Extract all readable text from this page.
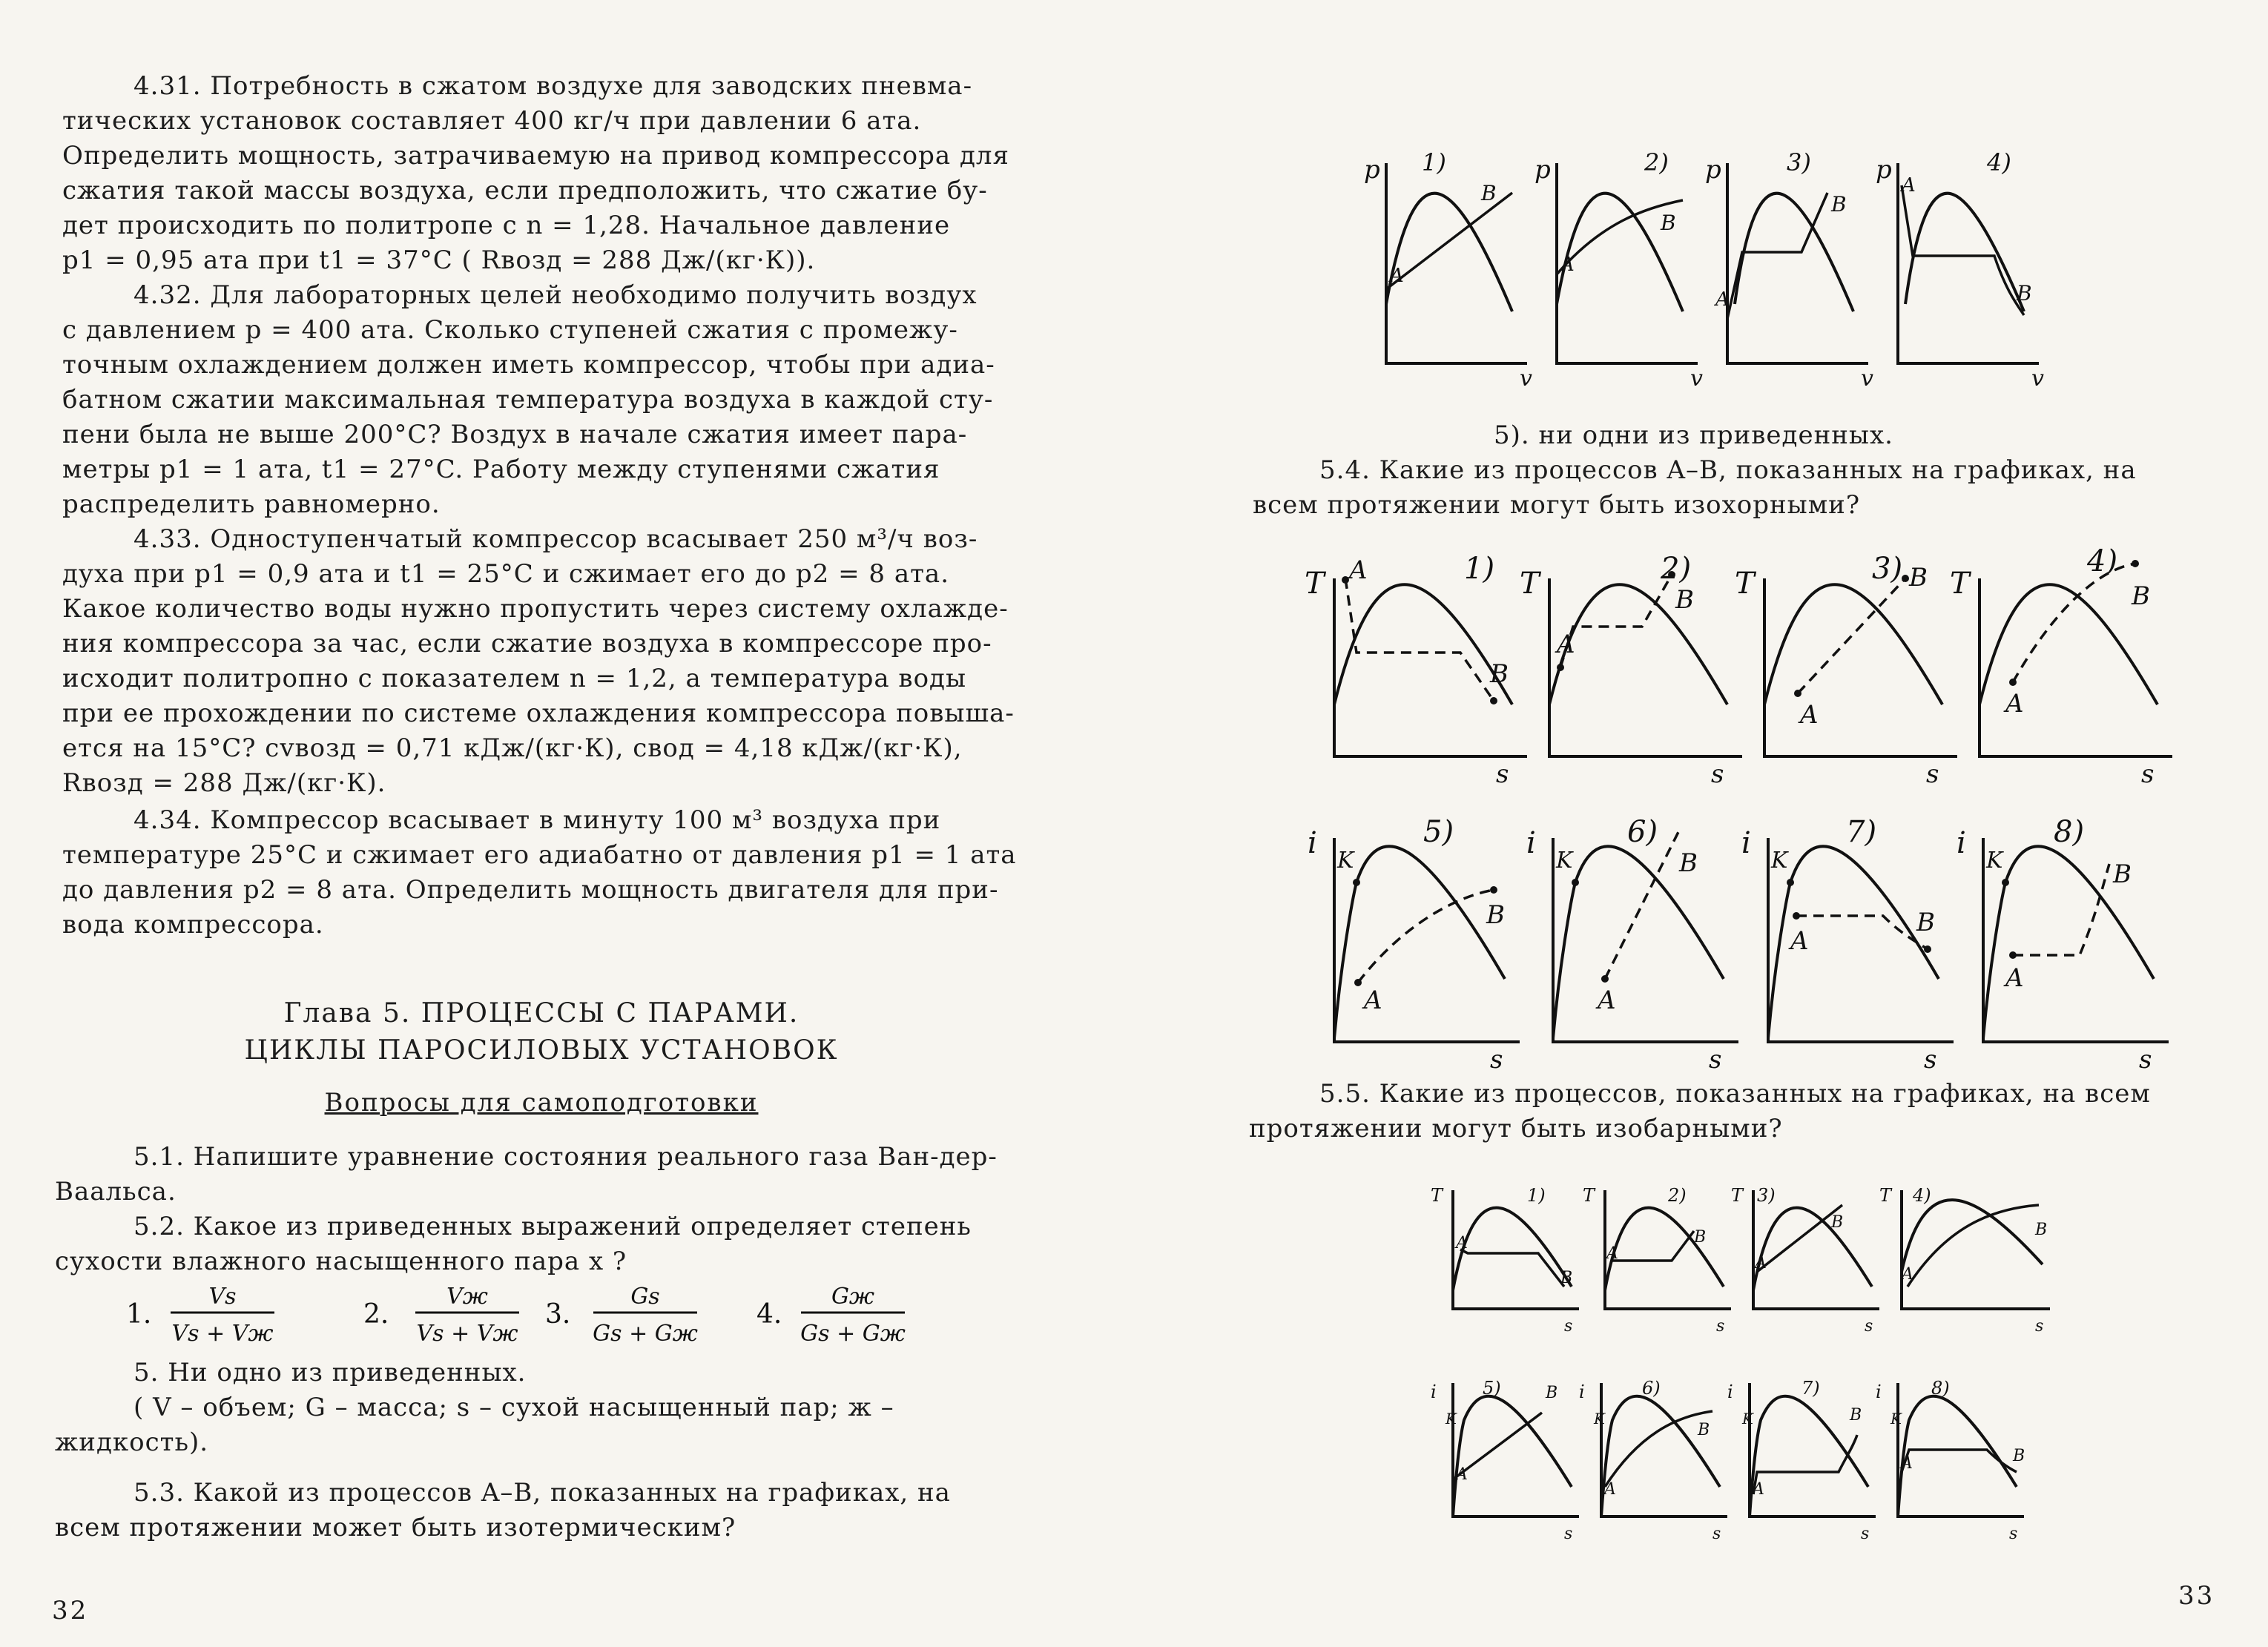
4.31. Потребность в сжатом воздухе для заводских пневма-
тических установок составляет 400 кг/ч при давлении 6 ата.
Определить мощность, затрачиваемую на привод компрессора для
сжатия такой массы воздуха, если предположить, что сжатие бу-
дет происходить по политропе с n = 1,28. Начальное давление
p1 = 0,95 ата при t1 = 37°C ( Rвозд = 288 Дж/(кг·К)).
4.32. Для лабораторных целей необходимо получить воздух
с давлением p = 400 ата. Сколько ступеней сжатия с промежу-
точным охлаждением должен иметь компрессор, чтобы при адиа-
батном сжатии максимальная температура воздуха в каждой сту-
пени была не выше 200°C? Воздух в начале сжатия имеет пара-
метры p1 = 1 ата, t1 = 27°C. Работу между ступенями сжатия
распределить равномерно.
4.33. Одноступенчатый компрессор всасывает 250 м³/ч воз-
духа при p1 = 0,9 ата и t1 = 25°C и сжимает его до p2 = 8 ата.
Какое количество воды нужно пропустить через систему охлажде-
ния компрессора за час, если сжатие воздуха в компрессоре про-
исходит политропно с показателем n = 1,2, а температура воды
при ее прохождении по системе охлаждения компрессора повыша-
ется на 15°C? cvвозд = 0,71 кДж/(кг·К), cвод = 4,18 кДж/(кг·К),
Rвозд = 288 Дж/(кг·К).
4.34. Компрессор всасывает в минуту 100 м³ воздуха при
температуре 25°C и сжимает его адиабатно от давления p1 = 1 ата
до давления p2 = 8 ата. Определить мощность двигателя для при-
вода компрессора.
Глава 5. ПРОЦЕССЫ С ПАРАМИ.
ЦИКЛЫ ПАРОСИЛОВЫХ УСТАНОВОК
Вопросы для самоподготовки
5.1. Напишите уравнение состояния реального газа Ван-дер-
Ваальса.
5.2. Какое из приведенных выражений определяет степень
сухости влажного насыщенного пара x ?
1.
Vs
Vs + Vж
2.
Vж
Vs + Vж
3.
Gs
Gs + Gж
4.
Gж
Gs + Gж
5. Ни одно из приведенных.
( V – объем; G – масса; s – сухой насыщенный пар; ж –
жидкость).
5.3. Какой из процессов A–B, показанных на графиках, на
всем протяжении может быть изотермическим?
32
p
v
1)
A
B
p
v
2)
A
B
p
v
3)
A
B
p
v
4)
A
B
5). ни одни из приведенных.
5.4. Какие из процессов A–B, показанных на графиках, на
всем протяжении могут быть изохорными?
T
s
1)
A
B
T
s
2)
A
B T
s
3)
A
B T
s
4)
A
B
i
s
5)
K
A
B
i
s
6)
K
A
B
i
s
7)
K
A
B
i
s
8)
K
A
B
5.5. Какие из процессов, показанных на графиках, на всем
протяжении могут быть изобарными?
T
s
1)
A
B
T
s
2)
A
B
T
s
3)
A
B
T
s
4)
A
B
i
s
5)
K
A
B i
s
6)
K
A
B
i
s
7)
K
A
B
i
s
8)
K
A	B
33
